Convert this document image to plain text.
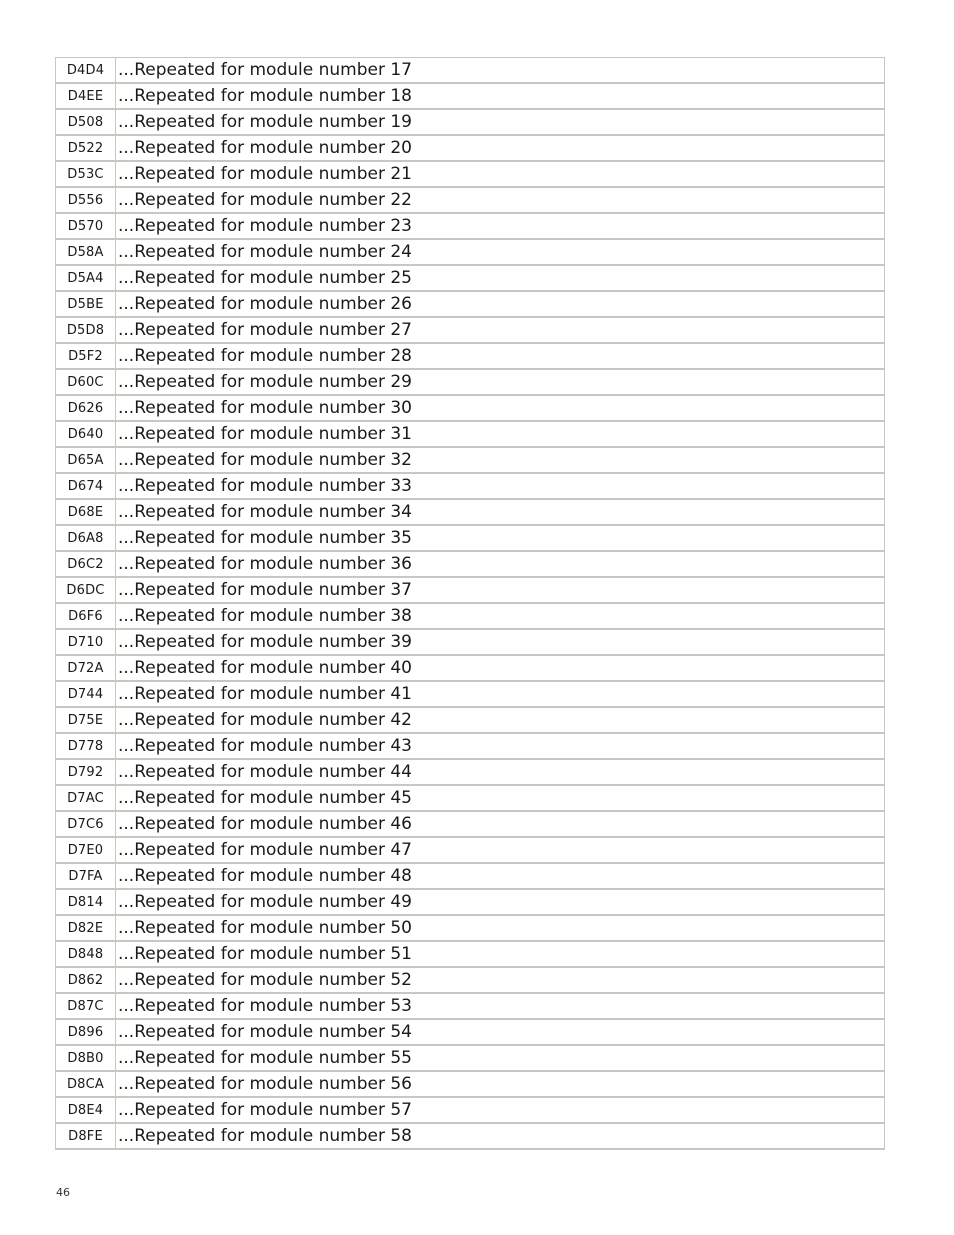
D4D4	...Repeated for module number 17
D4EE	...Repeated for module number 18
D508	...Repeated for module number 19
D522	...Repeated for module number 20
D53C	...Repeated for module number 21
D556	...Repeated for module number 22
D570	...Repeated for module number 23
D58A	...Repeated for module number 24
D5A4	...Repeated for module number 25
D5BE	...Repeated for module number 26
D5D8	...Repeated for module number 27
D5F2	...Repeated for module number 28
D60C	...Repeated for module number 29
D626	...Repeated for module number 30
D640	...Repeated for module number 31
D65A	...Repeated for module number 32
D674	...Repeated for module number 33
D68E	...Repeated for module number 34
D6A8	...Repeated for module number 35
D6C2	...Repeated for module number 36
D6DC	...Repeated for module number 37
D6F6	...Repeated for module number 38
D710	...Repeated for module number 39
D72A	...Repeated for module number 40
D744	...Repeated for module number 41
D75E	...Repeated for module number 42
D778	...Repeated for module number 43
D792	...Repeated for module number 44
D7AC	...Repeated for module number 45
D7C6	...Repeated for module number 46
D7E0	...Repeated for module number 47
D7FA	...Repeated for module number 48
D814	...Repeated for module number 49
D82E	...Repeated for module number 50
D848	...Repeated for module number 51
D862	...Repeated for module number 52
D87C	...Repeated for module number 53
D896	...Repeated for module number 54
D8B0	...Repeated for module number 55
D8CA	...Repeated for module number 56
D8E4	...Repeated for module number 57
D8FE	...Repeated for module number 58
46
